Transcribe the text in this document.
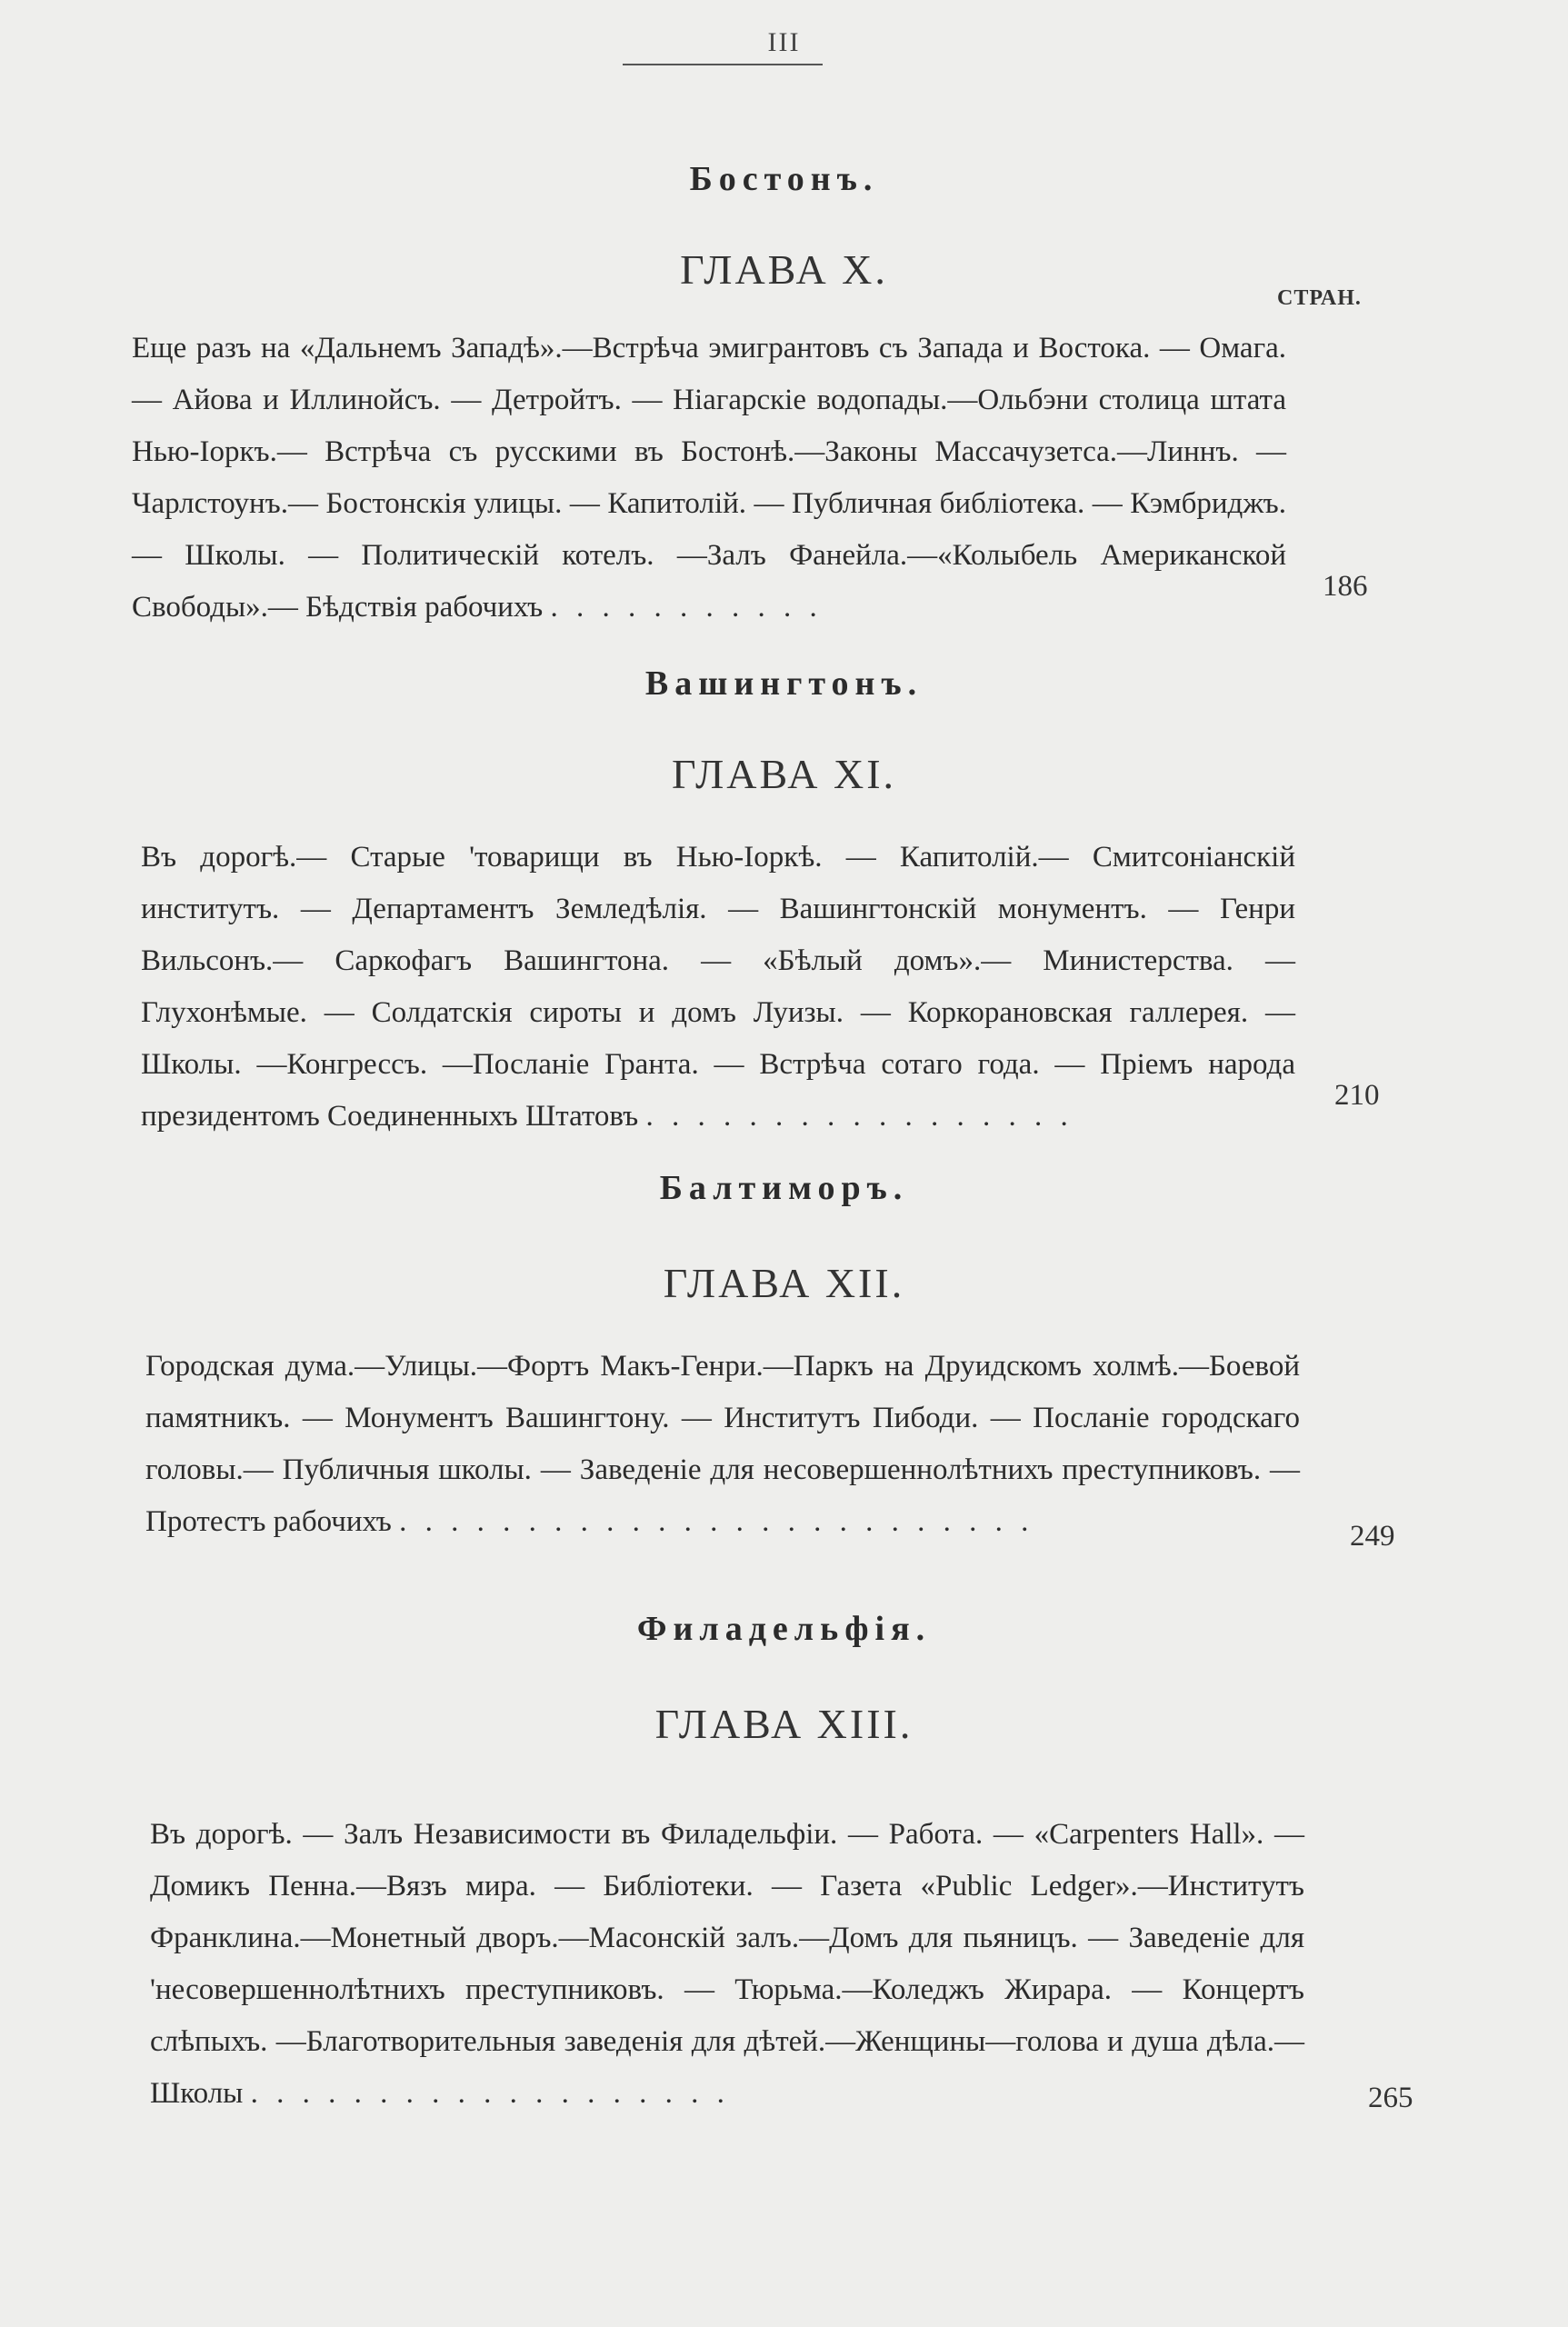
III
СТРАН.
Бостонъ.
ГЛАВА X.

Еще разъ на «Дальнемъ Западѣ».—Встрѣча эмигрантовъ съ Запада и Востока. — Омага. — Айова и Иллинойсъ. — Детройтъ. — Ніагарскіе водопады.—Ольбэни столица штата Нью-Іоркъ.— Встрѣча съ русскими въ Бостонѣ.—Законы Массачузетса.—Линнъ. — Чарлстоунъ.— Бостонскія улицы. — Капитолій. — Публичная библіотека. — Кэмбриджъ. — Школы. — Политическій котелъ. —Залъ Фанейла.—«Колыбель Американской Свободы».— Бѣдствія рабочихъ . . . . . . . . . . .

186
Вашингтонъ.
ГЛАВА XI.

Въ дорогѣ.— Старые 'товарищи въ Нью-Іоркѣ. — Капитолій.— Смитсоніанскій институтъ. — Департаментъ Земледѣлія. — Вашингтонскій монументъ. — Генри Вильсонъ.— Саркофагъ Вашингтона. — «Бѣлый домъ».— Министерства. — Глухонѣмые. — Солдатскія сироты и домъ Луизы. — Коркорановская галлерея. — Школы. —Конгрессъ. —Посланіе Гранта. — Встрѣча сотаго года. — Пріемъ народа президентомъ Соединенныхъ Штатовъ . . . . . . . . . . . . . . . . .

210
Балтиморъ.
ГЛАВА XII.

Городская дума.—Улицы.—Фортъ Макъ-Генри.—Паркъ на Друидскомъ холмѣ.—Боевой памятникъ. — Монументъ Вашингтону. — Институтъ Пибоди. — Посланіе городскаго головы.— Публичныя школы. — Заведеніе для несовершеннолѣтнихъ преступниковъ. —Протестъ рабочихъ . . . . . . . . . . . . . . . . . . . . . . . . .	249
Филадельфія.
ГЛАВА XIII.

Въ дорогѣ. — Залъ Независимости въ Филадельфіи. — Работа. — «Carpenters Hall». — Домикъ Пенна.—Вязъ мира. — Библіотеки. — Газета «Public Ledger».—Институтъ Франклина.—Монетный дворъ.—Масонскій залъ.—Домъ для пьяницъ. — Заведеніе для 'несовершеннолѣтнихъ преступниковъ. — Тюрьма.—Коледжъ Жирара. — Концертъ слѣпыхъ. —Благотворительныя заведенія для дѣтей.—Женщины—голова и душа дѣла.—Школы . . . . . . . . . . . . . . . . . . .	265
